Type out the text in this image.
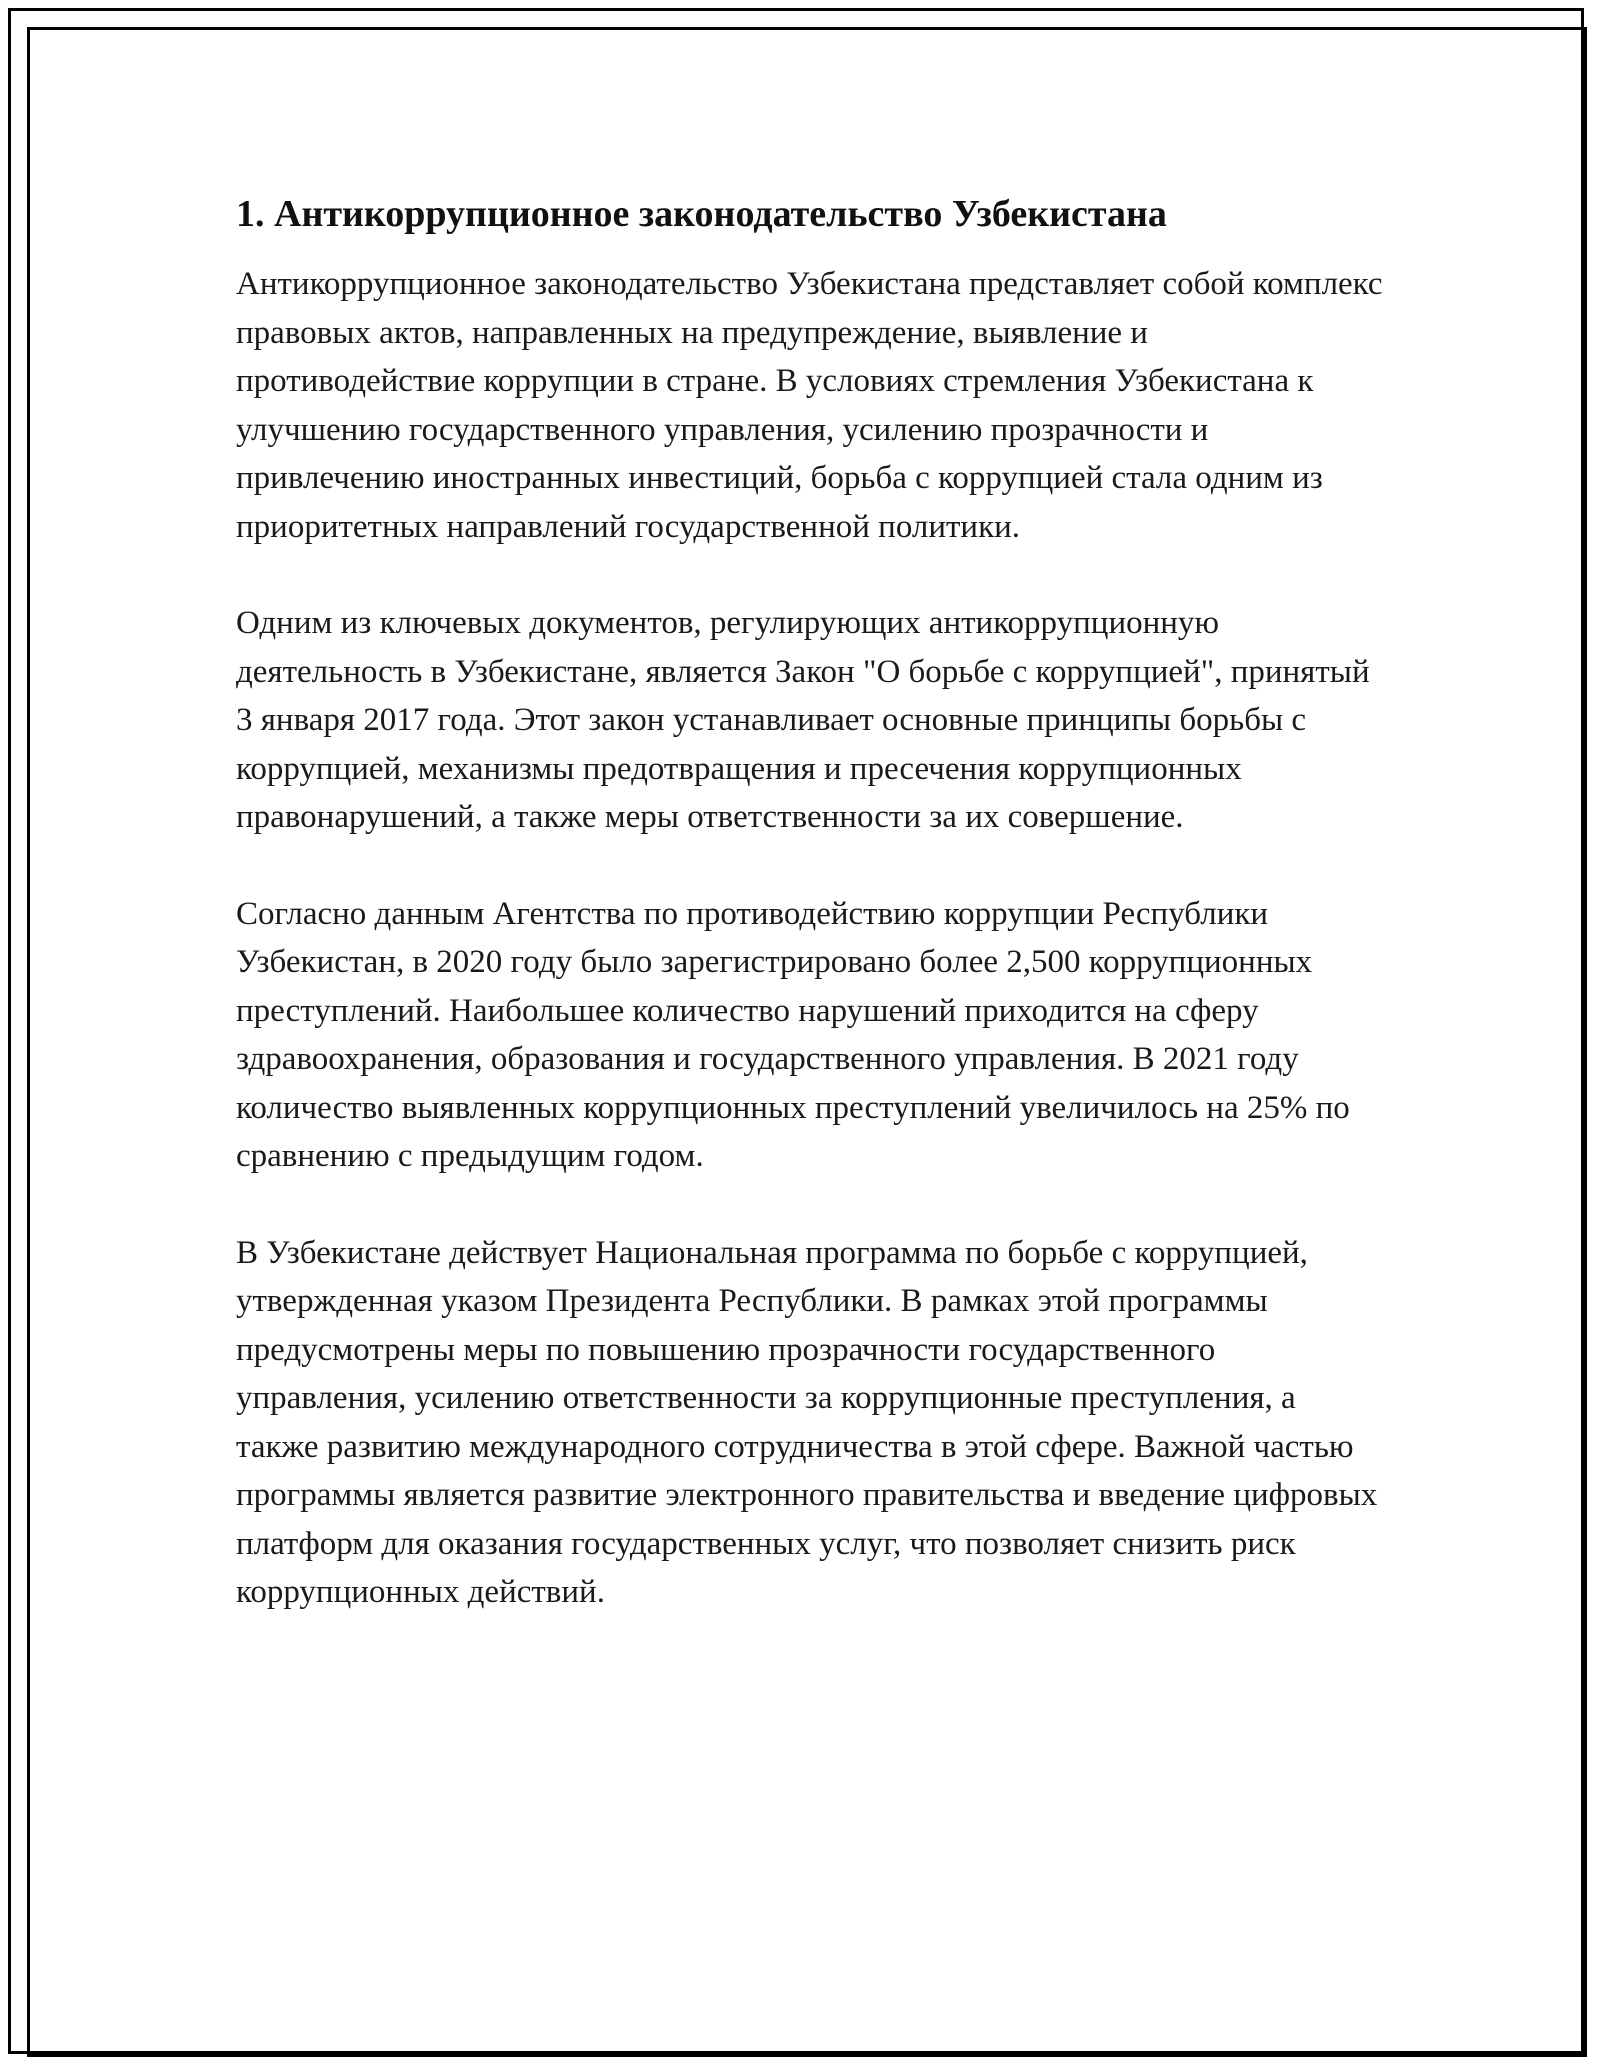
1. Антикоррупционное законодательство Узбекистана

Антикоррупционное законодательство Узбекистана представляет собой комплекс правовых актов, направленных на предупреждение, выявление и противодействие коррупции в стране. В условиях стремления Узбекистана к улучшению государственного управления, усилению прозрачности и привлечению иностранных инвестиций, борьба с коррупцией стала одним из приоритетных направлений государственной политики.

Одним из ключевых документов, регулирующих антикоррупционную деятельность в Узбекистане, является Закон "О борьбе с коррупцией", принятый 3 января 2017 года. Этот закон устанавливает основные принципы борьбы с коррупцией, механизмы предотвращения и пресечения коррупционных правонарушений, а также меры ответственности за их совершение.

Согласно данным Агентства по противодействию коррупции Республики Узбекистан, в 2020 году было зарегистрировано более 2,500 коррупционных преступлений. Наибольшее количество нарушений приходится на сферу здравоохранения, образования и государственного управления. В 2021 году количество выявленных коррупционных преступлений увеличилось на 25% по сравнению с предыдущим годом.

В Узбекистане действует Национальная программа по борьбе с коррупцией, утвержденная указом Президента Республики. В рамках этой программы предусмотрены меры по повышению прозрачности государственного управления, усилению ответственности за коррупционные преступления, а также развитию международного сотрудничества в этой сфере. Важной частью программы является развитие электронного правительства и введение цифровых платформ для оказания государственных услуг, что позволяет снизить риск коррупционных действий.
